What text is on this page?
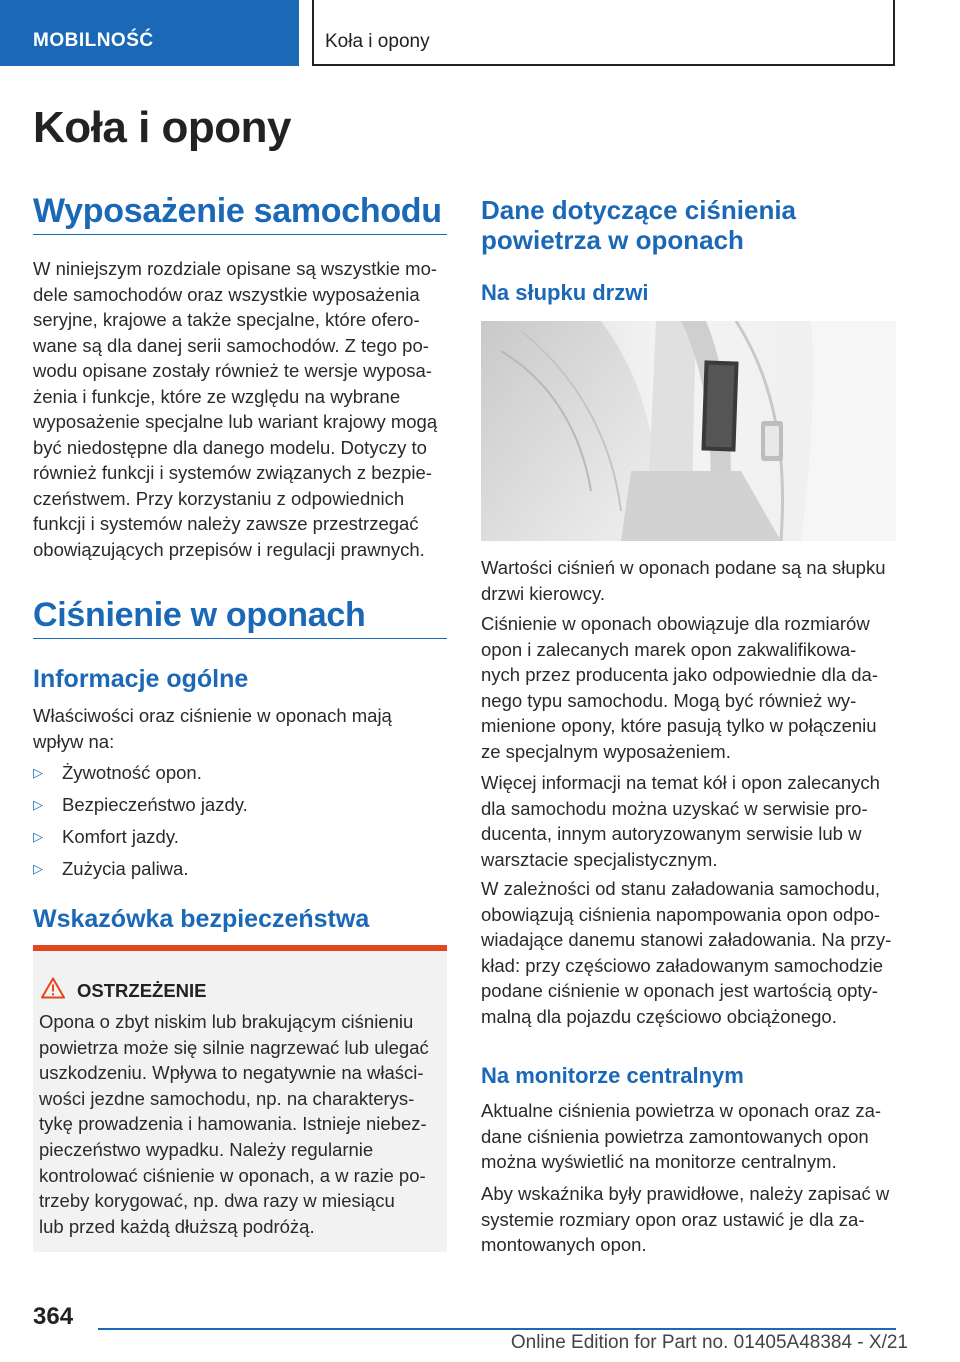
MOBILNOŚĆ	Koła i opony
Koła i opony
Wyposażenie samochodu
W niniejszym rozdziale opisane są wszystkie mo‐
dele samochodów oraz wszystkie wyposażenia
seryjne, krajowe a także specjalne, które ofero‐
wane są dla danej serii samochodów. Z tego po‐
wodu opisane zostały również te wersje wyposa‐
żenia i funkcje, które ze względu na wybrane
wyposażenie specjalne lub wariant krajowy mogą
być niedostępne dla danego modelu. Dotyczy to
również funkcji i systemów związanych z bezpie‐
czeństwem. Przy korzystaniu z odpowiednich
funkcji i systemów należy zawsze przestrzegać
obowiązujących przepisów i regulacji prawnych.
Ciśnienie w oponach
Informacje ogólne
Właściwości oraz ciśnienie w oponach mają
wpływ na:
▷ Żywotność opon.
▷ Bezpieczeństwo jazdy.
▷ Komfort jazdy.
▷ Zużycia paliwa.
Wskazówka bezpieczeństwa
OSTRZEŻENIE
Opona o zbyt niskim lub brakującym ciśnieniu
powietrza może się silnie nagrzewać lub ulegać
uszkodzeniu. Wpływa to negatywnie na właści‐
wości jezdne samochodu, np. na charakterys‐
tykę prowadzenia i hamowania. Istnieje niebez‐
pieczeństwo wypadku. Należy regularnie
kontrolować ciśnienie w oponach, a w razie po‐
trzeby korygować, np. dwa razy w miesiącu
lub przed każdą dłuższą podróżą.
Dane dotyczące ciśnienia
powietrza w oponach
Na słupku drzwi
Wartości ciśnień w oponach podane są na słupku
drzwi kierowcy.
Ciśnienie w oponach obowiązuje dla rozmiarów
opon i zalecanych marek opon zakwalifikowa‐
nych przez producenta jako odpowiednie dla da‐
nego typu samochodu. Mogą być również wy‐
mienione opony, które pasują tylko w połączeniu
ze specjalnym wyposażeniem.
Więcej informacji na temat kół i opon zalecanych
dla samochodu można uzyskać w serwisie pro‐
ducenta, innym autoryzowanym serwisie lub w
warsztacie specjalistycznym.
W zależności od stanu załadowania samochodu,
obowiązują ciśnienia napompowania opon odpo‐
wiadające danemu stanowi załadowania. Na przy‐
kład: przy częściowo załadowanym samochodzie
podane ciśnienie w oponach jest wartością opty‐
malną dla pojazdu częściowo obciążonego.
Na monitorze centralnym
Aktualne ciśnienia powietrza w oponach oraz za‐
dane ciśnienia powietrza zamontowanych opon
można wyświetlić na monitorze centralnym.
Aby wskaźnika były prawidłowe, należy zapisać w
systemie rozmiary opon oraz ustawić je dla za‐
montowanych opon.
364
Online Edition for Part no. 01405A48384 - X/21
